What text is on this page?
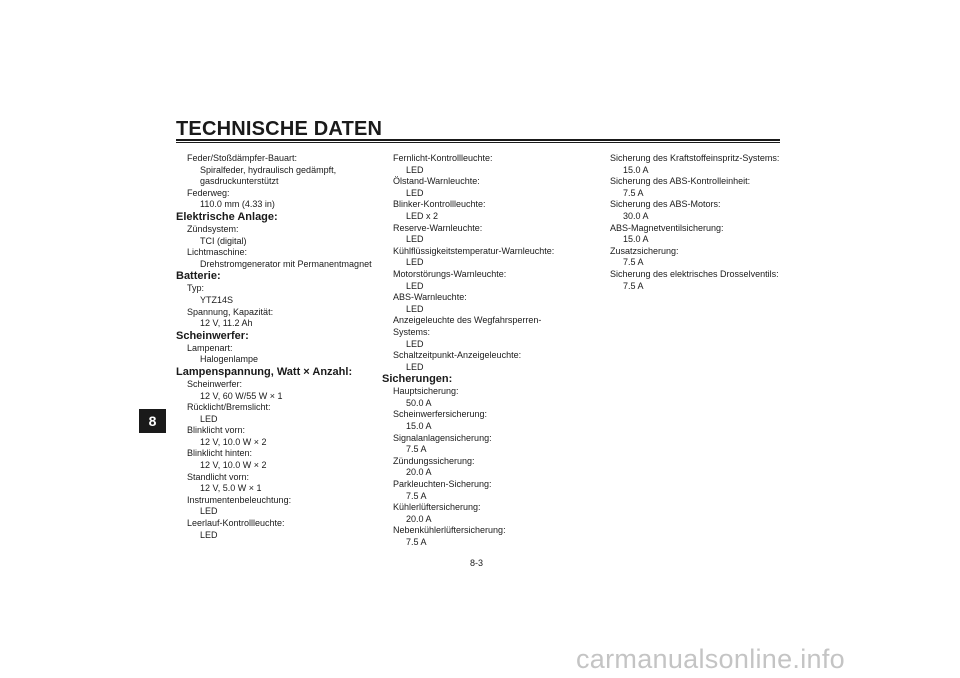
TECHNISCHE DATEN
8
Feder/Stoßdämpfer-Bauart:
Spiralfeder, hydraulisch gedämpft,
gasdruckunterstützt
Federweg:
110.0 mm (4.33 in)
Elektrische Anlage:
Zündsystem:
TCI (digital)
Lichtmaschine:
Drehstromgenerator mit Permanentmagnet
Batterie:
Typ:
YTZ14S
Spannung, Kapazität:
12 V, 11.2 Ah
Scheinwerfer:
Lampenart:
Halogenlampe
Lampenspannung, Watt × Anzahl:
Scheinwerfer:
12 V, 60 W/55 W × 1
Rücklicht/Bremslicht:
LED
Blinklicht vorn:
12 V, 10.0 W × 2
Blinklicht hinten:
12 V, 10.0 W × 2
Standlicht vorn:
12 V, 5.0 W × 1
Instrumentenbeleuchtung:
LED
Leerlauf-Kontrollleuchte:
LED
Fernlicht-Kontrollleuchte:
LED
Ölstand-Warnleuchte:
LED
Blinker-Kontrollleuchte:
LED x 2
Reserve-Warnleuchte:
LED
Kühlflüssigkeitstemperatur-Warnleuchte:
LED
Motorstörungs-Warnleuchte:
LED
ABS-Warnleuchte:
LED
Anzeigeleuchte des Wegfahrsperren-
Systems:
LED
Schaltzeitpunkt-Anzeigeleuchte:
LED
Sicherungen:
Hauptsicherung:
50.0 A
Scheinwerfersicherung:
15.0 A
Signalanlagensicherung:
7.5 A
Zündungssicherung:
20.0 A
Parkleuchten-Sicherung:
7.5 A
Kühlerlüftersicherung:
20.0 A
Nebenkühlerlüftersicherung:
7.5 A
Sicherung des Kraftstoffeinspritz-Systems:
15.0 A
Sicherung des ABS-Kontrolleinheit:
7.5 A
Sicherung des ABS-Motors:
30.0 A
ABS-Magnetventilsicherung:
15.0 A
Zusatzsicherung:
7.5 A
Sicherung des elektrisches Drosselventils:
7.5 A
8-3
carmanualsonline.info
